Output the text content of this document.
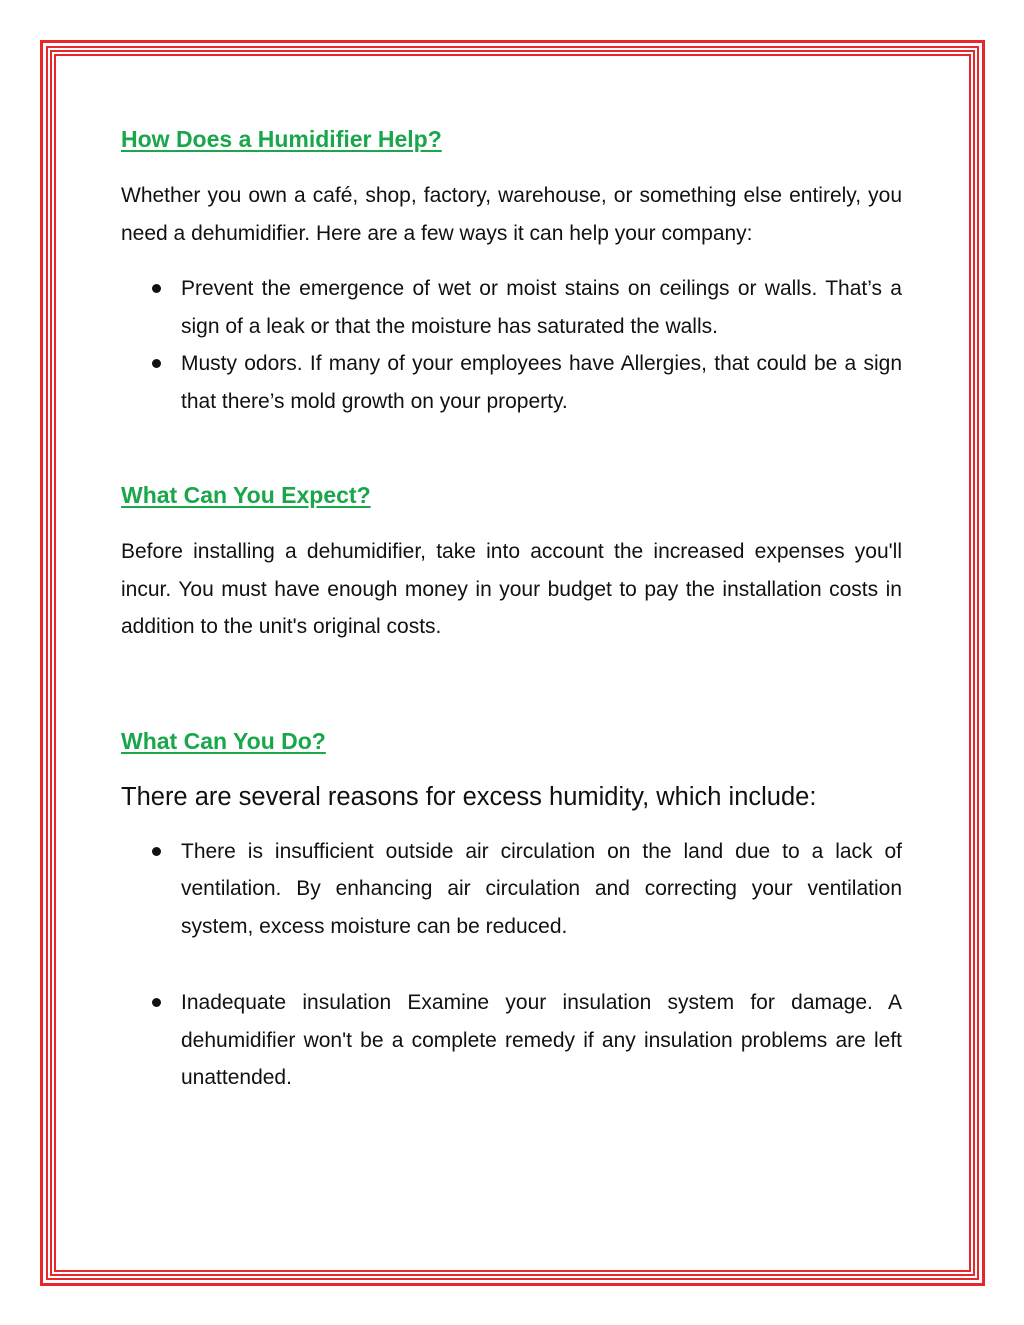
How Does a Humidifier Help?

Whether you own a café, shop, factory, warehouse, or something else entirely, you need a dehumidifier. Here are a few ways it can help your company:

Prevent the emergence of wet or moist stains on ceilings or walls. That’s a sign of a leak or that the moisture has saturated the walls.
Musty odors. If many of your employees have Allergies, that could be a sign that there’s mold growth on your property.
What Can You Expect?

Before installing a dehumidifier, take into account the increased expenses you'll incur. You must have enough money in your budget to pay the installation costs in addition to the unit's original costs.

What Can You Do?

There are several reasons for excess humidity, which include:

There is insufficient outside air circulation on the land due to a lack of ventilation. By enhancing air circulation and correcting your ventilation system, excess moisture can be reduced.
Inadequate insulation Examine your insulation system for damage. A dehumidifier won't be a complete remedy if any insulation problems are left unattended.
